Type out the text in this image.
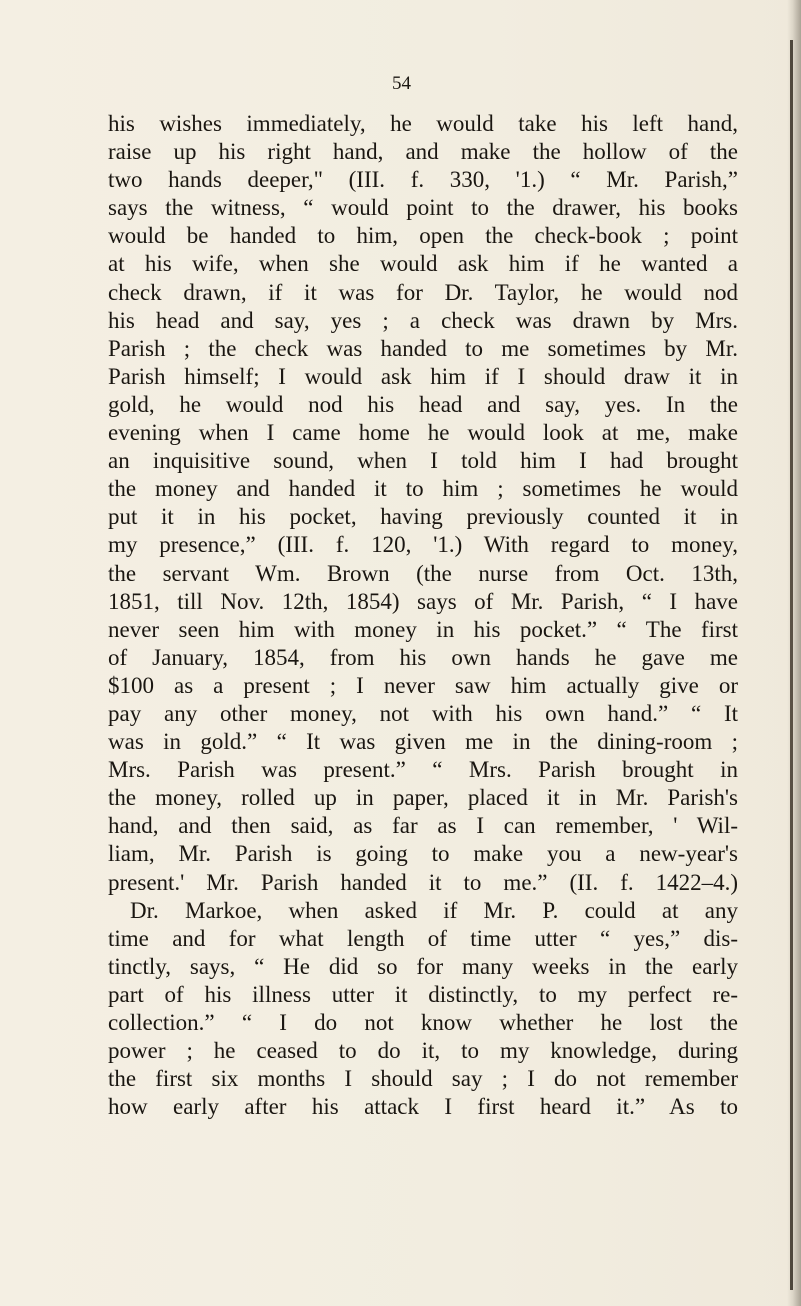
54
his wishes immediately, he would take his left hand,
raise up his right hand, and make the hollow of the
two hands deeper," (III. f. 330, '1.) “ Mr. Parish,”
says the witness, “ would point to the drawer, his books
would be handed to him, open the check-book ; point
at his wife, when she would ask him if he wanted a
check drawn, if it was for Dr. Taylor, he would nod
his head and say, yes ; a check was drawn by Mrs.
Parish ; the check was handed to me sometimes by Mr.
Parish himself; I would ask him if I should draw it in
gold, he would nod his head and say, yes. In the
evening when I came home he would look at me, make
an inquisitive sound, when I told him I had brought
the money and handed it to him ; sometimes he would
put it in his pocket, having previously counted it in
my presence,” (III. f. 120, '1.) With regard to money,
the servant Wm. Brown (the nurse from Oct. 13th,
1851, till Nov. 12th, 1854) says of Mr. Parish, “ I have
never seen him with money in his pocket.” “ The first
of January, 1854, from his own hands he gave me
$100 as a present ; I never saw him actually give or
pay any other money, not with his own hand.” “ It
was in gold.” “ It was given me in the dining-room ;
Mrs. Parish was present.” “ Mrs. Parish brought in
the money, rolled up in paper, placed it in Mr. Parish's
hand, and then said, as far as I can remember, ' Wil-
liam, Mr. Parish is going to make you a new-year's
present.' Mr. Parish handed it to me.” (II. f. 1422–4.)
Dr. Markoe, when asked if Mr. P. could at any
time and for what length of time utter “ yes,” dis-
tinctly, says, “ He did so for many weeks in the early
part of his illness utter it distinctly, to my perfect re-
collection.” “ I do not know whether he lost the
power ; he ceased to do it, to my knowledge, during
the first six months I should say ; I do not remember
how early after his attack I first heard it.” As to
